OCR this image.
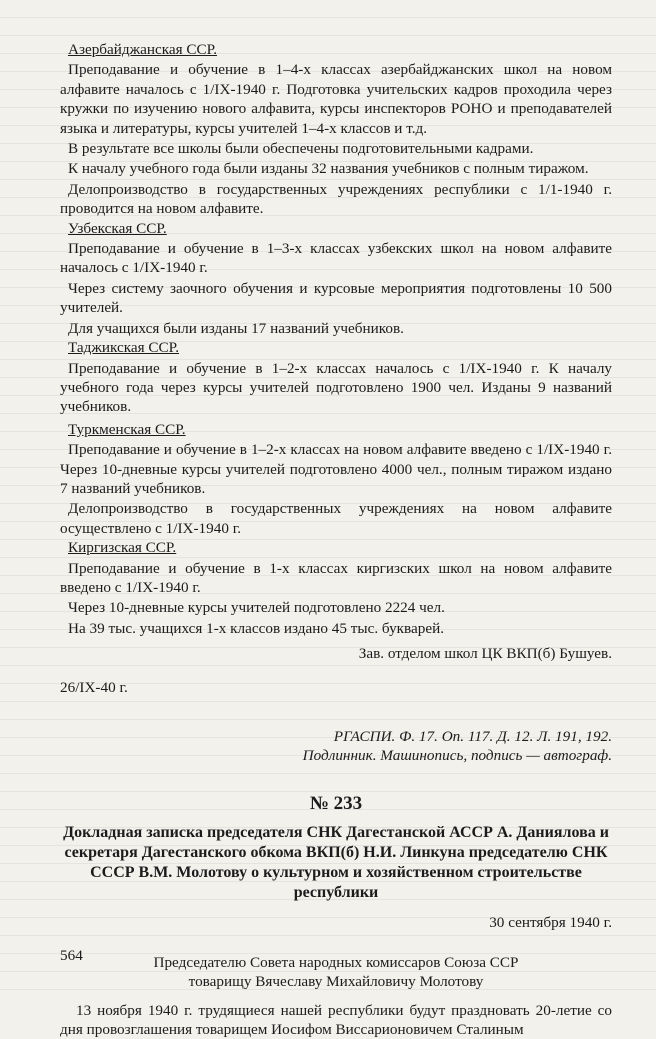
Азербайджанская ССР.

Преподавание и обучение в 1–4-х классах азербайджанских школ на новом алфавите началось с 1/IX-1940 г. Подготовка учительских кадров проходила через кружки по изучению нового алфавита, курсы инспекторов РОНО и преподавателей языка и литературы, курсы учителей 1–4-х классов и т.д.

В результате все школы были обеспечены подготовительными кадрами.

К началу учебного года были изданы 32 названия учебников с полным тиражом.

Делопроизводство в государственных учреждениях республики с 1/1-1940 г. проводится на новом алфавите.

Узбекская ССР.

Преподавание и обучение в 1–3-х классах узбекских школ на новом алфавите началось с 1/IX-1940 г.

Через систему заочного обучения и курсовые мероприятия подготовлены 10 500 учителей.

Для учащихся были изданы 17 названий учебников.

Таджикская ССР.

Преподавание и обучение в 1–2-х классах началось с 1/IX-1940 г. К началу учебного года через курсы учителей подготовлено 1900 чел. Изданы 9 названий учебников.

Туркменская ССР.

Преподавание и обучение в 1–2-х классах на новом алфавите введено с 1/IX-1940 г. Через 10-дневные курсы учителей подготовлено 4000 чел., полным тиражом издано 7 названий учебников.

Делопроизводство в государственных учреждениях на новом алфавите осуществлено с 1/IX-1940 г.

Киргизская ССР.

Преподавание и обучение в 1-х классах киргизских школ на новом алфавите введено с 1/IX-1940 г.

Через 10-дневные курсы учителей подготовлено 2224 чел.

На 39 тыс. учащихся 1-х классов издано 45 тыс. букварей.

Зав. отделом школ ЦК ВКП(б) Бушуев.

26/IX-40 г.

РГАСПИ. Ф. 17. Оп. 117. Д. 12. Л. 191, 192.
Подлинник. Машинопись, подпись — автограф.

№ 233

Докладная записка председателя СНК Дагестанской АССР А. Даниялова и секретаря Дагестанского обкома ВКП(б) Н.И. Линкуна председателю СНК СССР В.М. Молотову о культурном и хозяйственном строительстве республики

30 сентября 1940 г.

Председателю Совета народных комиссаров Союза ССР
товарищу Вячеславу Михайловичу Молотову

13 ноября 1940 г. трудящиеся нашей республики будут праздновать 20-летие со дня провозглашения товарищем Иосифом Виссарионовичем Сталиным

564
